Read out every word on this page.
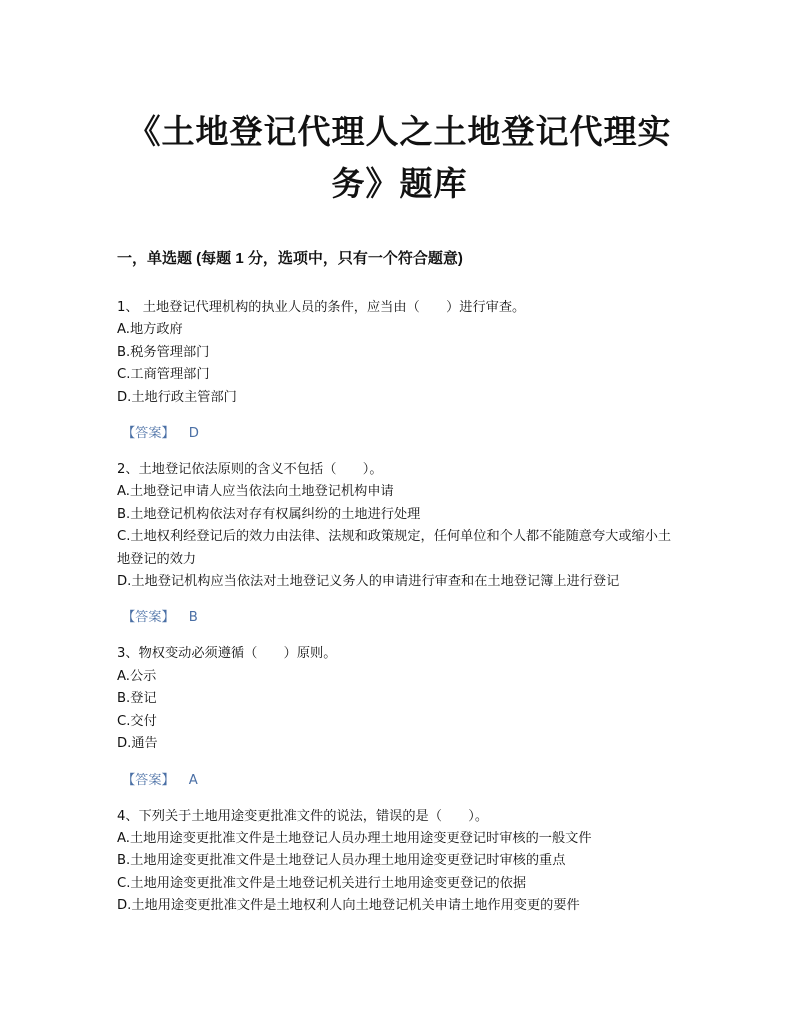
《土地登记代理人之土地登记代理实务》题库
一，单选题 (每题 1 分，选项中，只有一个符合题意)

1、 土地登记代理机构的执业人员的条件，应当由（　　）进行审查。

A.地方政府

B.税务管理部门

C.工商管理部门

D.土地行政主管部门

【答案】 D

2、土地登记依法原则的含义不包括（　　）。

A.土地登记申请人应当依法向土地登记机构申请

B.土地登记机构依法对存有权属纠纷的土地进行处理

C.土地权利经登记后的效力由法律、法规和政策规定，任何单位和个人都不能随意夸大或缩小土地登记的效力

D.土地登记机构应当依法对土地登记义务人的申请进行审查和在土地登记簿上进行登记

【答案】 B

3、物权变动必须遵循（　　）原则。

A.公示

B.登记

C.交付

D.通告

【答案】 A

4、下列关于土地用途变更批准文件的说法，错误的是（　　）。

A.土地用途变更批准文件是土地登记人员办理土地用途变更登记时审核的一般文件

B.土地用途变更批准文件是土地登记人员办理土地用途变更登记时审核的重点

C.土地用途变更批准文件是土地登记机关进行土地用途变更登记的依据

D.土地用途变更批准文件是土地权利人向土地登记机关申请土地作用变更的要件
